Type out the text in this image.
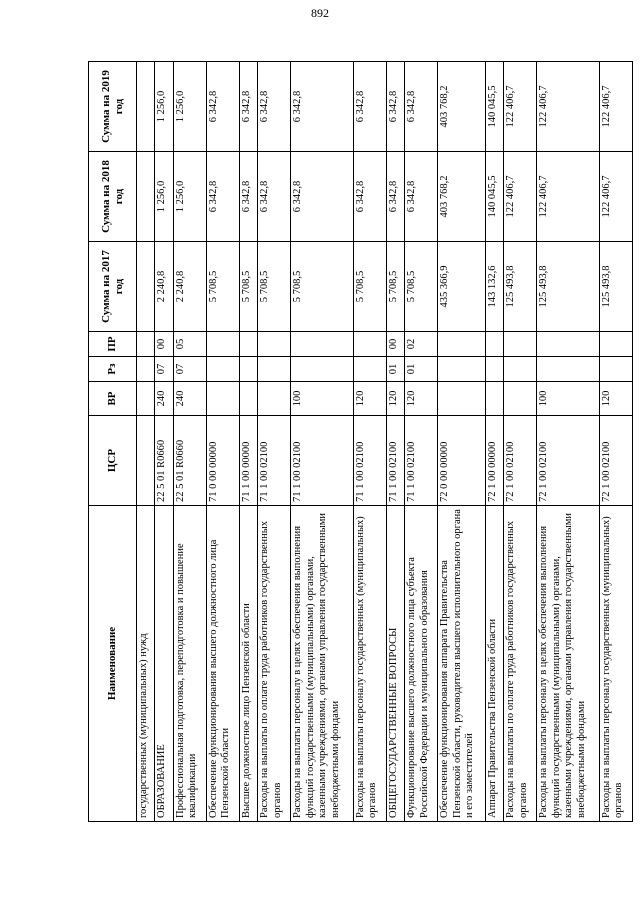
892
Наименование	ЦСР	ВР	Рз	ПР	Сумма на 2017 год	Сумма на 2018 год	Сумма на 2019 год
государственных (муниципальных) нужд							
ОБРАЗОВАНИЕ	22 5 01 R0660	240	07	00	2 240,8	1 256,0	1 256,0
Профессиональная подготовка, переподготовка и повышение квалификации	22 5 01 R0660	240	07	05	2 240,8	1 256,0	1 256,0
Обеспечение функционирования высшего должностного лица Пензенской области	71 0 00 00000				5 708,5	6 342,8	6 342,8
Высшее должностное лицо Пензенской области	71 1 00 00000				5 708,5	6 342,8	6 342,8
Расходы на выплаты по оплате труда работников государственных органов	71 1 00 02100				5 708,5	6 342,8	6 342,8
Расходы на выплаты персоналу в целях обеспечения выполнения функций государственными (муниципальными) органами, казенными учреждениями, органами управления государственными внебюджетными фондами	71 1 00 02100	100			5 708,5	6 342,8	6 342,8
Расходы на выплаты персоналу государственных (муниципальных) органов	71 1 00 02100	120			5 708,5	6 342,8	6 342,8
ОБЩЕГОСУДАРСТВЕННЫЕ ВОПРОСЫ	71 1 00 02100	120	01	00	5 708,5	6 342,8	6 342,8
Функционирование высшего должностного лица субъекта Российской Федерации и муниципального образования	71 1 00 02100	120	01	02	5 708,5	6 342,8	6 342,8
Обеспечение функционирования аппарата Правительства Пензенской области, руководителя высшего исполнительного органа и его заместителей	72 0 00 00000				435 366,9	403 768,2	403 768,2
Аппарат Правительства Пензенской области	72 1 00 00000				143 132,6	140 045,5	140 045,5
Расходы на выплаты по оплате труда работников государственных органов	72 1 00 02100				125 493,8	122 406,7	122 406,7
Расходы на выплаты персоналу в целях обеспечения выполнения функций государственными (муниципальными) органами, казенными учреждениями, органами управления государственными внебюджетными фондами	72 1 00 02100	100			125 493,8	122 406,7	122 406,7
Расходы на выплаты персоналу государственных (муниципальных) органов	72 1 00 02100	120			125 493,8	122 406,7	122 406,7
